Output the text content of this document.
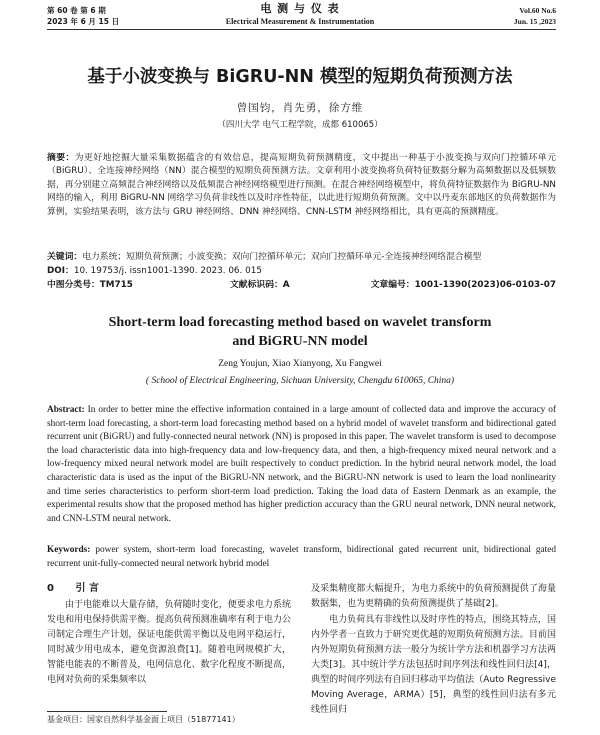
第 60 卷 第 6 期
2023 年 6 月 15 日
电 测 与 仪 表
Electrical Measurement & Instrumentation
Vol.60 No.6
Jun. 15 ,2023
基于小波变换与 BiGRU-NN 模型的短期负荷预测方法
曾国钧，肖先勇，徐方维
（四川大学 电气工程学院，成都 610065）
摘要：为更好地挖掘大量采集数据蕴含的有效信息，提高短期负荷预测精度，文中提出一种基于小波变换与双向门控循环单元（BiGRU）、全连接神经网络（NN）混合模型的短期负荷预测方法。文章利用小波变换将负荷特征数据分解为高频数据以及低频数据，再分别建立高频混合神经网络以及低频混合神经网络模型进行预测。在混合神经网络模型中，将负荷特征数据作为 BiGRU-NN 网络的输入，利用 BiGRU-NN 网络学习负荷非线性以及时序性特征，以此进行短期负荷预测。文中以丹麦东部地区的负荷数据作为算例，实验结果表明，该方法与 GRU 神经网络、DNN 神经网络、CNN-LSTM 神经网络相比，具有更高的预测精度。
关键词：电力系统；短期负荷预测；小波变换；双向门控循环单元；双向门控循环单元-全连接神经网络混合模型
DOI：10. 19753/j. issn1001-1390. 2023. 06. 015
中图分类号：TM715	文献标识码：A	文章编号：1001-1390(2023)06-0103-07
Short-term load forecasting method based on wavelet transform
and BiGRU-NN model
Zeng Youjun, Xiao Xianyong, Xu Fangwei
( School of Electrical Engineering, Sichuan University, Chengdu 610065, China)
Abstract: In order to better mine the effective information contained in a large amount of collected data and improve the accuracy of short-term load forecasting, a short-term load forecasting method based on a hybrid model of wavelet transform and bidirectional gated recurrent unit (BiGRU) and fully-connected neural network (NN) is proposed in this paper. The wavelet transform is used to decompose the load characteristic data into high-frequency data and low-frequency data, and then, a high-frequency mixed neural network and a low-frequency mixed neural network model are built respectively to conduct prediction. In the hybrid neural network model, the load characteristic data is used as the input of the BiGRU-NN network, and the BiGRU-NN network is used to learn the load nonlinearity and time series characteristics to perform short-term load prediction. Taking the load data of Eastern Denmark as an example, the experimental results show that the proposed method has higher prediction accuracy than the GRU neural network, DNN neural network, and CNN-LSTM neural network.
Keywords: power system, short-term load forecasting, wavelet transform, bidirectional gated recurrent unit, bidirectional gated recurrent unit-fully-connected neural network hybrid model
0 引 言
由于电能难以大量存储，负荷随时变化，便要求电力系统发电和用电保持供需平衡。提高负荷预测准确率有利于电力公司制定合理生产计划，保证电能供需平衡以及电网平稳运行，同时减少用电成本，避免资源浪费[1]。随着电网规模扩大，智能电能表的不断普及，电网信息化、数字化程度不断提高，电网对负荷的采集频率以
及采集精度都大幅提升，为电力系统中的负荷预测提供了海量数据集，也为更精确的负荷预测提供了基础[2]。
电力负荷具有非线性以及时序性的特点，围绕其特点，国内外学者一直致力于研究更优越的短期负荷预测方法。目前国内外短期负荷预测方法一般分为统计学方法和机器学习方法两大类[3]。其中统计学方法包括时间序列法和线性回归法[4]，典型的时间序列法有自回归移动平均值法（Auto Regressive Moving Average，ARMA）[5]，典型的线性回归法有多元线性回归
基金项目：国家自然科学基金面上项目（51877141）
